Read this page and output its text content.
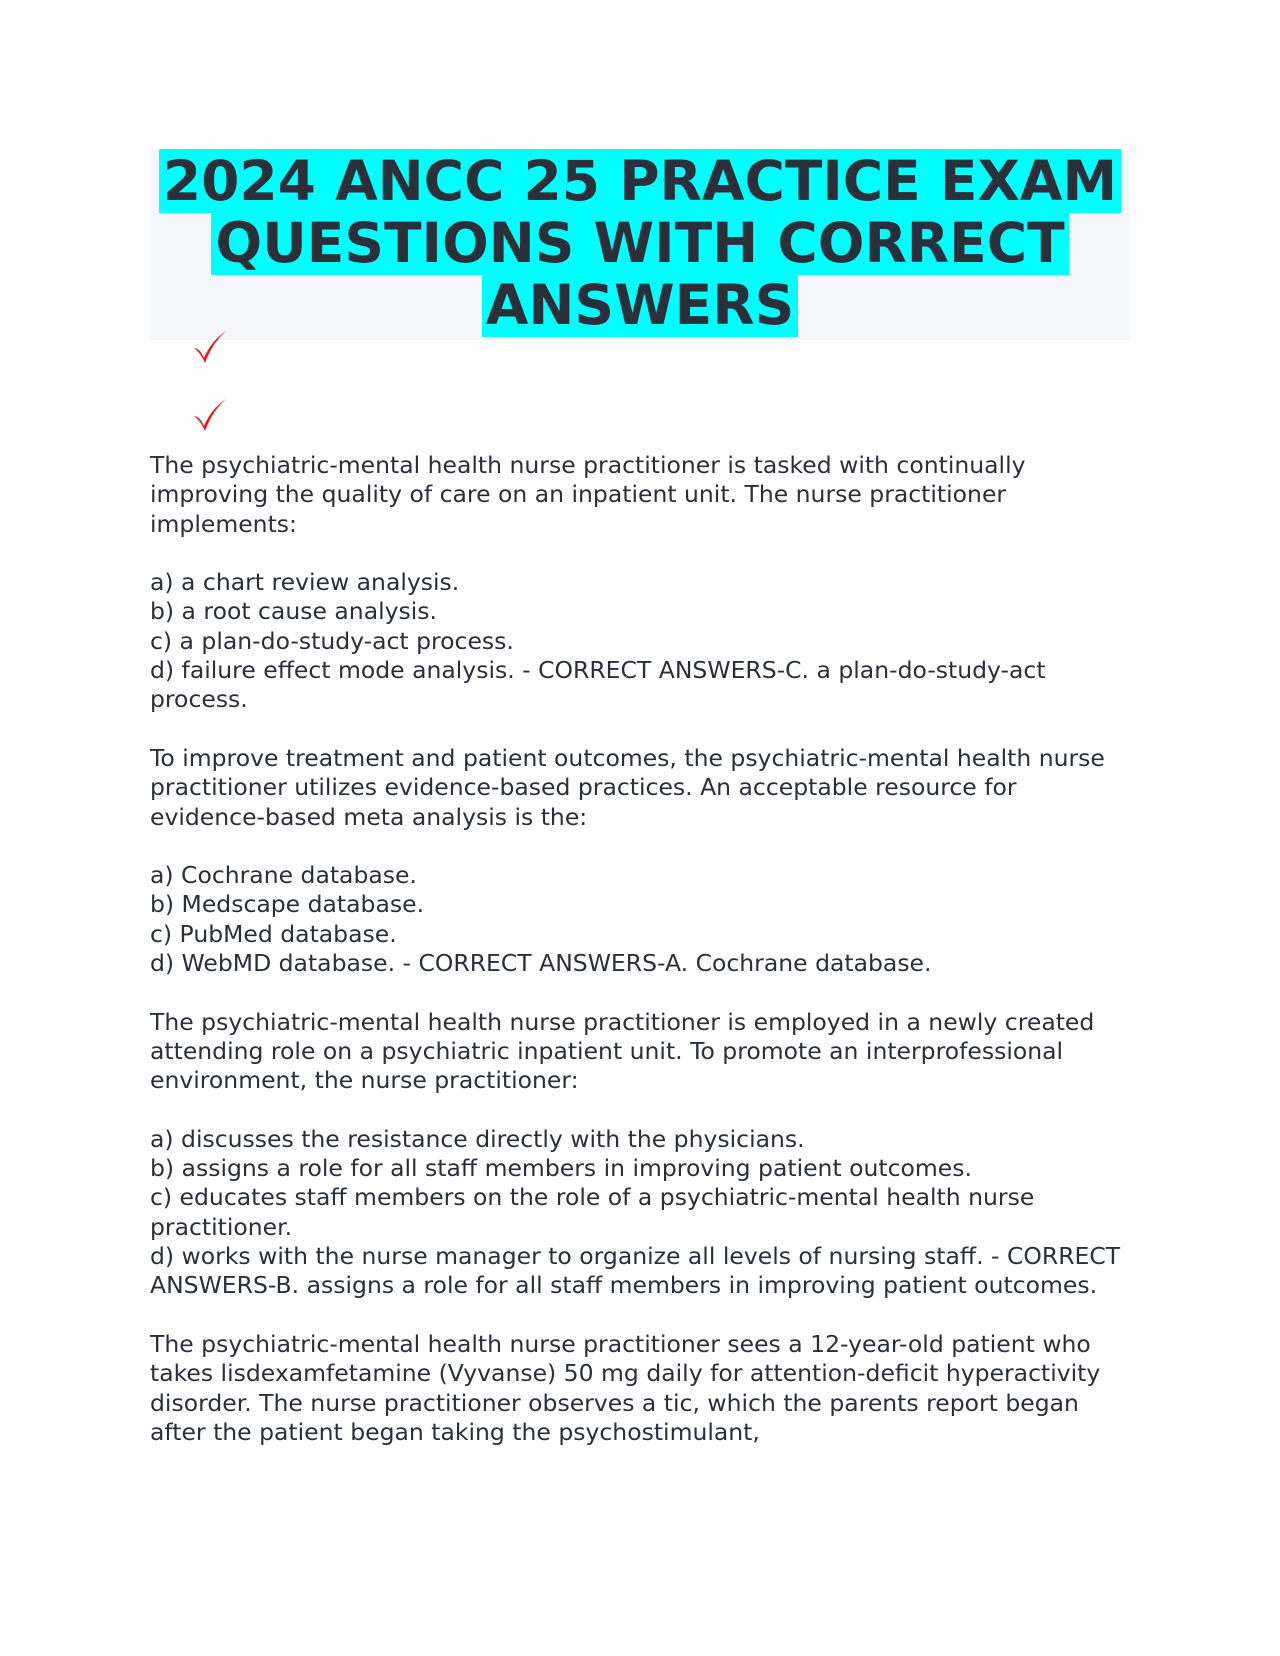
2024 ANCC 25 PRACTICE EXAM QUESTIONS WITH CORRECT ANSWERS

The psychiatric-mental health nurse practitioner is tasked with continually improving the quality of care on an inpatient unit. The nurse practitioner implements:

a) a chart review analysis.
b) a root cause analysis.
c) a plan-do-study-act process.
d) failure effect mode analysis. - CORRECT ANSWERS-C. a plan-do-study-act process.

To improve treatment and patient outcomes, the psychiatric-mental health nurse practitioner utilizes evidence-based practices. An acceptable resource for evidence-based meta analysis is the:

a) Cochrane database.
b) Medscape database.
c) PubMed database.
d) WebMD database. - CORRECT ANSWERS-A. Cochrane database.

The psychiatric-mental health nurse practitioner is employed in a newly created attending role on a psychiatric inpatient unit. To promote an interprofessional environment, the nurse practitioner:

a) discusses the resistance directly with the physicians.
b) assigns a role for all staff members in improving patient outcomes.
c) educates staff members on the role of a psychiatric-mental health nurse practitioner.
d) works with the nurse manager to organize all levels of nursing staff. - CORRECT ANSWERS-B. assigns a role for all staff members in improving patient outcomes.

The psychiatric-mental health nurse practitioner sees a 12-year-old patient who takes lisdexamfetamine (Vyvanse) 50 mg daily for attention-deficit hyperactivity disorder. The nurse practitioner observes a tic, which the parents report began after the patient began taking the psychostimulant,
